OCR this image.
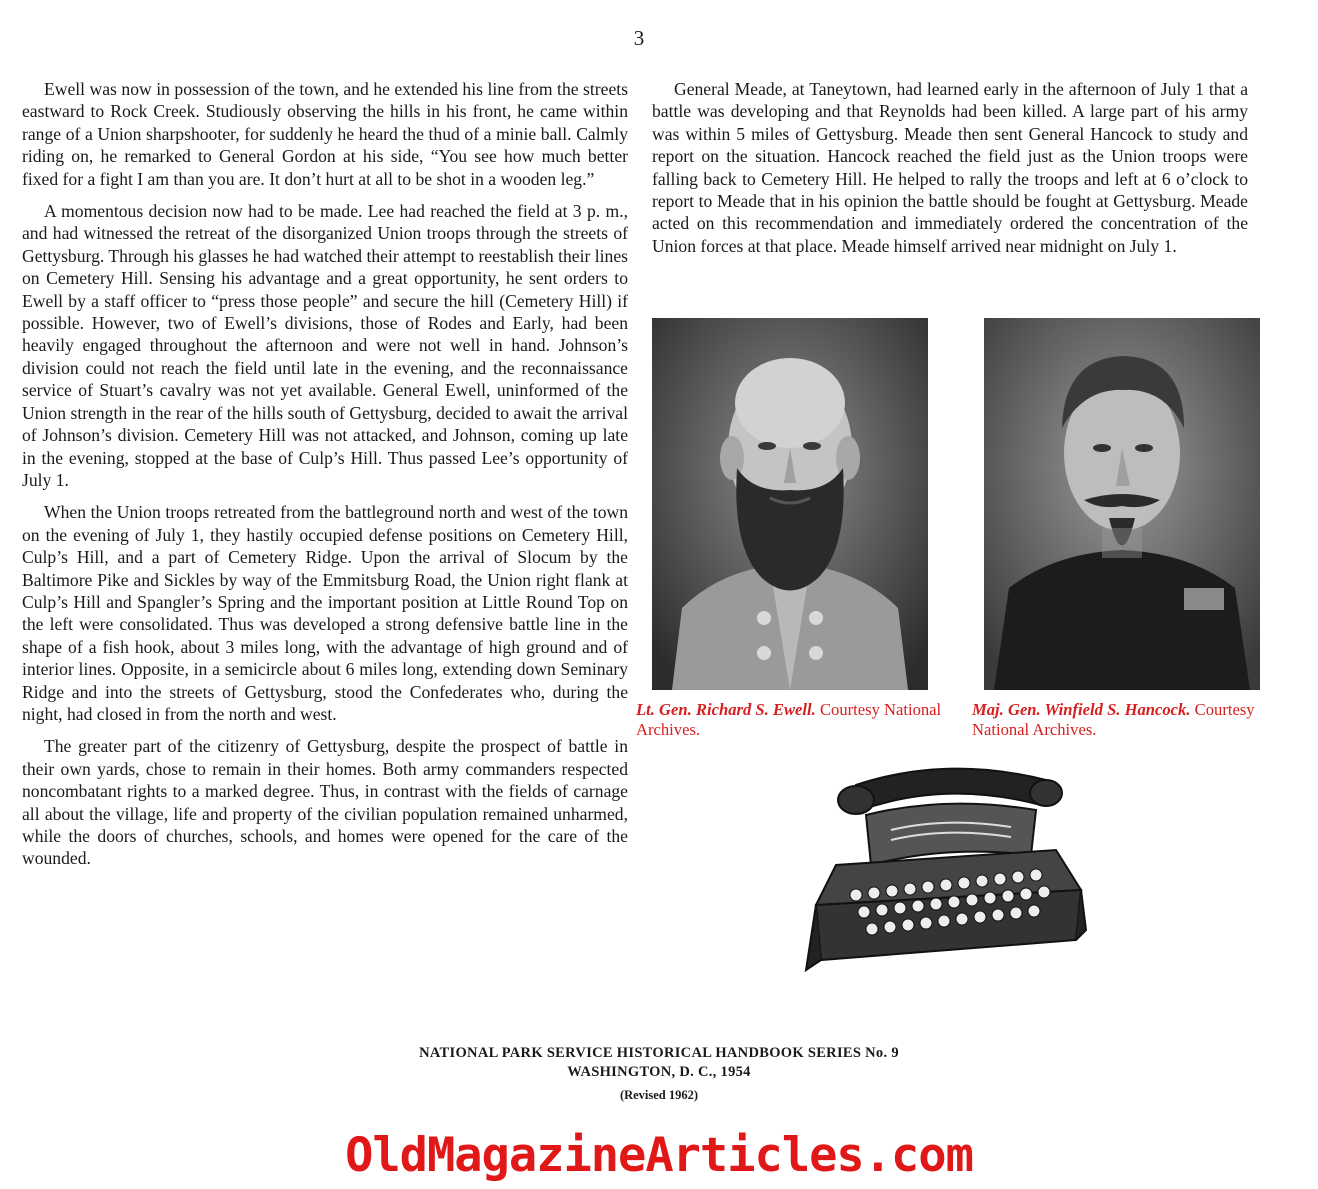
3

Ewell was now in possession of the town, and he extended his line from the streets eastward to Rock Creek. Studiously observing the hills in his front, he came within range of a Union sharpshooter, for suddenly he heard the thud of a minie ball. Calmly riding on, he remarked to General Gordon at his side, “You see how much better fixed for a fight I am than you are. It don’t hurt at all to be shot in a wooden leg.”

A momentous decision now had to be made. Lee had reached the field at 3 p. m., and had witnessed the retreat of the disorganized Union troops through the streets of Gettysburg. Through his glasses he had watched their attempt to reestablish their lines on Cemetery Hill. Sensing his advantage and a great opportunity, he sent orders to Ewell by a staff officer to “press those people” and secure the hill (Cemetery Hill) if possible. However, two of Ewell’s divisions, those of Rodes and Early, had been heavily engaged throughout the afternoon and were not well in hand. Johnson’s division could not reach the field until late in the evening, and the reconnaissance service of Stuart’s cavalry was not yet available. General Ewell, uninformed of the Union strength in the rear of the hills south of Gettysburg, decided to await the arrival of Johnson’s division. Cemetery Hill was not attacked, and Johnson, coming up late in the evening, stopped at the base of Culp’s Hill. Thus passed Lee’s opportunity of July 1.

When the Union troops retreated from the battleground north and west of the town on the evening of July 1, they hastily occupied defense positions on Cemetery Hill, Culp’s Hill, and a part of Cemetery Ridge. Upon the arrival of Slocum by the Baltimore Pike and Sickles by way of the Emmitsburg Road, the Union right flank at Culp’s Hill and Spangler’s Spring and the important position at Little Round Top on the left were consolidated. Thus was developed a strong defensive battle line in the shape of a fish hook, about 3 miles long, with the advantage of high ground and of interior lines. Opposite, in a semicircle about 6 miles long, extending down Seminary Ridge and into the streets of Gettysburg, stood the Confederates who, during the night, had closed in from the north and west.

The greater part of the citizenry of Gettysburg, despite the prospect of battle in their own yards, chose to remain in their homes. Both army commanders respected noncombatant rights to a marked degree. Thus, in contrast with the fields of carnage all about the village, life and property of the civilian population remained unharmed, while the doors of churches, schools, and homes were opened for the care of the wounded.

General Meade, at Taneytown, had learned early in the afternoon of July 1 that a battle was developing and that Reynolds had been killed. A large part of his army was within 5 miles of Gettysburg. Meade then sent General Hancock to study and report on the situation. Hancock reached the field just as the Union troops were falling back to Cemetery Hill. He helped to rally the troops and left at 6 o’clock to report to Meade that in his opinion the battle should be fought at Gettysburg. Meade acted on this recommendation and immediately ordered the concentration of the Union forces at that place. Meade himself arrived near midnight on July 1.

Lt. Gen. Richard S. Ewell. Courtesy National Archives.
Maj. Gen. Winfield S. Hancock. Courtesy National Archives.
NATIONAL PARK SERVICE HISTORICAL HANDBOOK SERIES No. 9
WASHINGTON, D. C., 1954
(Revised 1962)
OldMagazineArticles.com
